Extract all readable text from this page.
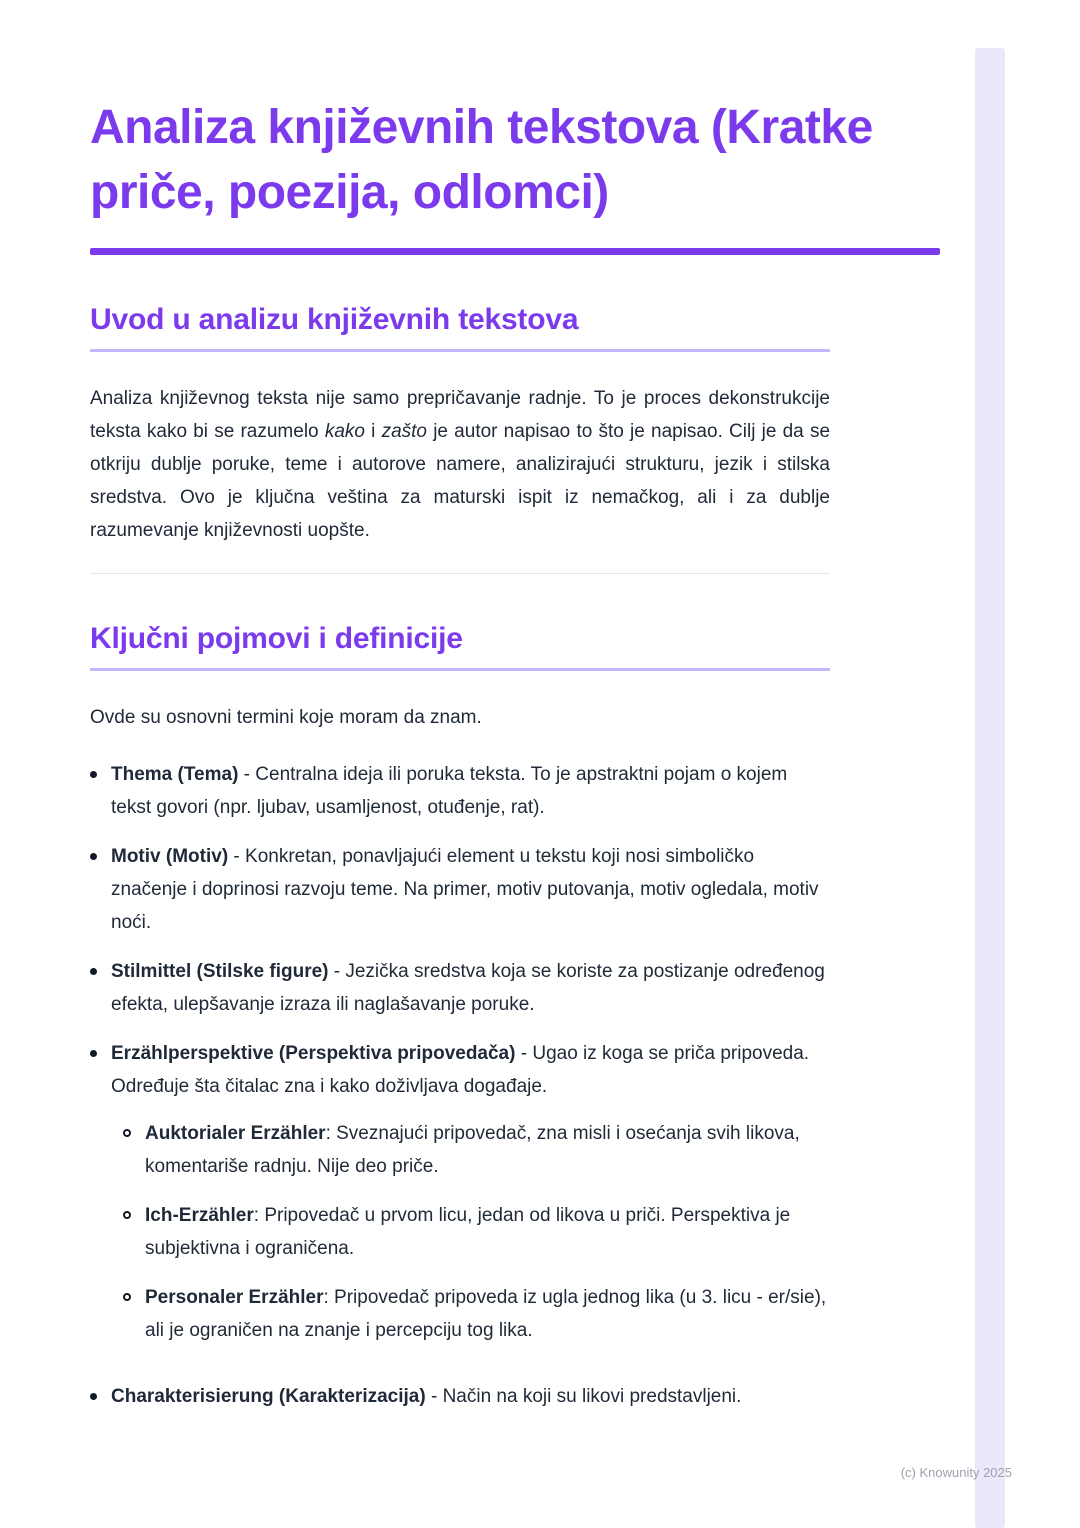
Analiza književnih tekstova (Kratke priče, poezija, odlomci)
Uvod u analizu književnih tekstova

Analiza književnog teksta nije samo prepričavanje radnje. To je proces dekonstrukcije teksta kako bi se razumelo kako i zašto je autor napisao to što je napisao. Cilj je da se otkriju dublje poruke, teme i autorove namere, analizirajući strukturu, jezik i stilska sredstva. Ovo je ključna veština za maturski ispit iz nemačkog, ali i za dublje razumevanje književnosti uopšte.

Ključni pojmovi i definicije

Ovde su osnovni termini koje moram da znam.

Thema (Tema) - Centralna ideja ili poruka teksta. To je apstraktni pojam o kojem tekst govori (npr. ljubav, usamljenost, otuđenje, rat).
Motiv (Motiv) - Konkretan, ponavljajući element u tekstu koji nosi simboličko značenje i doprinosi razvoju teme. Na primer, motiv putovanja, motiv ogledala, motiv noći.
Stilmittel (Stilske figure) - Jezička sredstva koja se koriste za postizanje određenog efekta, ulepšavanje izraza ili naglašavanje poruke.
Erzählperspektive (Perspektiva pripovedača) - Ugao iz koga se priča pripoveda. Određuje šta čitalac zna i kako doživljava događaje.
Auktorialer Erzähler: Sveznajući pripovedač, zna misli i osećanja svih likova, komentariše radnju. Nije deo priče.
Ich-Erzähler: Pripovedač u prvom licu, jedan od likova u priči. Perspektiva je subjektivna i ograničena.
Personaler Erzähler: Pripovedač pripoveda iz ugla jednog lika (u 3. licu - er/sie), ali je ograničen na znanje i percepciju tog lika.
Charakterisierung (Karakterizacija) - Način na koji su likovi predstavljeni.
(c) Knowunity 2025
